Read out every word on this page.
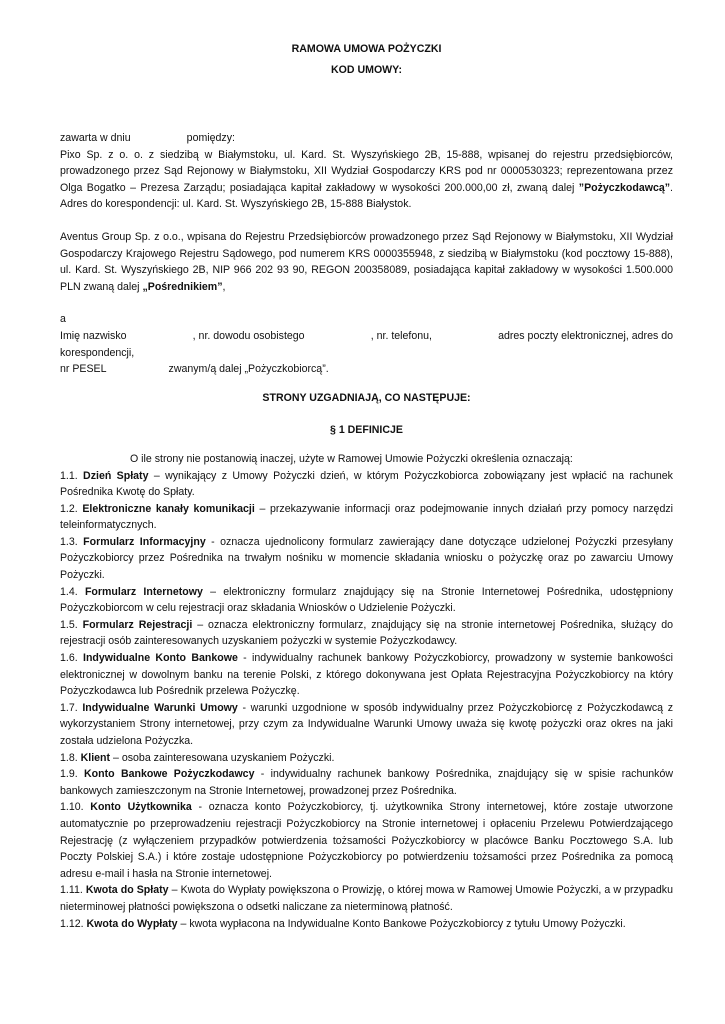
RAMOWA UMOWA POŻYCZKI
KOD UMOWY:
zawarta w dniu	pomiędzy:
Pixo Sp. z o. o. z siedzibą w Białymstoku, ul. Kard. St. Wyszyńskiego 2B, 15-888, wpisanej do rejestru przedsiębiorców, prowadzonego przez Sąd Rejonowy w Białymstoku, XII Wydział Gospodarczy KRS pod nr 0000530323; reprezentowana przez Olga Bogatko – Prezesa Zarządu; posiadająca kapitał zakładowy w wysokości 200.000,00 zł, zwaną dalej ”Pożyczkodawcą”. Adres do korespondencji: ul. Kard. St. Wyszyńskiego 2B, 15-888 Białystok.
Aventus Group Sp. z o.o., wpisana do Rejestru Przedsiębiorców prowadzonego przez Sąd Rejonowy w Białymstoku, XII Wydział Gospodarczy Krajowego Rejestru Sądowego, pod numerem KRS 0000355948, z siedzibą w Białymstoku (kod pocztowy 15-888), ul. Kard. St. Wyszyńskiego 2B, NIP 966 202 93 90, REGON 200358089, posiadająca kapitał zakładowy w wysokości 1.500.000 PLN zwaną dalej „Pośrednikiem”,
a
Imię nazwisko	, nr. dowodu osobistego	, nr. telefonu,	adres poczty elektronicznej, adres do
korespondencji,
nr PESEL	zwanym/ą dalej „Pożyczkobiorcą”.
STRONY UZGADNIAJĄ, CO NASTĘPUJE:
§ 1 DEFINICJE
O ile strony nie postanowią inaczej, użyte w Ramowej Umowie Pożyczki określenia oznaczają:
1.1. Dzień Spłaty – wynikający z Umowy Pożyczki dzień, w którym Pożyczkobiorca zobowiązany jest wpłacić na rachunek Pośrednika Kwotę do Spłaty.
1.2. Elektroniczne kanały komunikacji – przekazywanie informacji oraz podejmowanie innych działań przy pomocy narzędzi teleinformatycznych.
1.3. Formularz Informacyjny - oznacza ujednolicony formularz zawierający dane dotyczące udzielonej Pożyczki przesyłany Pożyczkobiorcy przez Pośrednika na trwałym nośniku w momencie składania wniosku o pożyczkę oraz po zawarciu Umowy Pożyczki.
1.4. Formularz Internetowy – elektroniczny formularz znajdujący się na Stronie Internetowej Pośrednika, udostępniony Pożyczkobiorcom w celu rejestracji oraz składania Wniosków o Udzielenie Pożyczki.
1.5. Formularz Rejestracji – oznacza elektroniczny formularz, znajdujący się na stronie internetowej Pośrednika, służący do rejestracji osób zainteresowanych uzyskaniem pożyczki w systemie Pożyczkodawcy.
1.6. Indywidualne Konto Bankowe - indywidualny rachunek bankowy Pożyczkobiorcy, prowadzony w systemie bankowości elektronicznej w dowolnym banku na terenie Polski, z którego dokonywana jest Opłata Rejestracyjna Pożyczkobiorcy na który Pożyczkodawca lub Pośrednik przelewa Pożyczkę.
1.7. Indywidualne Warunki Umowy - warunki uzgodnione w sposób indywidualny przez Pożyczkobiorcę z Pożyczkodawcą z wykorzystaniem Strony internetowej, przy czym za Indywidualne Warunki Umowy uważa się kwotę pożyczki oraz okres na jaki została udzielona Pożyczka.
1.8. Klient – osoba zainteresowana uzyskaniem Pożyczki.
1.9. Konto Bankowe Pożyczkodawcy - indywidualny rachunek bankowy Pośrednika, znajdujący się w spisie rachunków bankowych zamieszczonym na Stronie Internetowej, prowadzonej przez Pośrednika.
1.10. Konto Użytkownika - oznacza konto Pożyczkobiorcy, tj. użytkownika Strony internetowej, które zostaje utworzone automatycznie po przeprowadzeniu rejestracji Pożyczkobiorcy na Stronie internetowej i opłaceniu Przelewu Potwierdzającego Rejestrację (z wyłączeniem przypadków potwierdzenia tożsamości Pożyczkobiorcy w placówce Banku Pocztowego S.A. lub Poczty Polskiej S.A.) i które zostaje udostępnione Pożyczkobiorcy po potwierdzeniu tożsamości przez Pośrednika za pomocą adresu e-mail i hasła na Stronie internetowej.
1.11. Kwota do Spłaty – Kwota do Wypłaty powiększona o Prowizję, o której mowa w Ramowej Umowie Pożyczki, a w przypadku nieterminowej płatności powiększona o odsetki naliczane za nieterminową płatność.
1.12. Kwota do Wypłaty – kwota wypłacona na Indywidualne Konto Bankowe Pożyczkobiorcy z tytułu Umowy Pożyczki.
